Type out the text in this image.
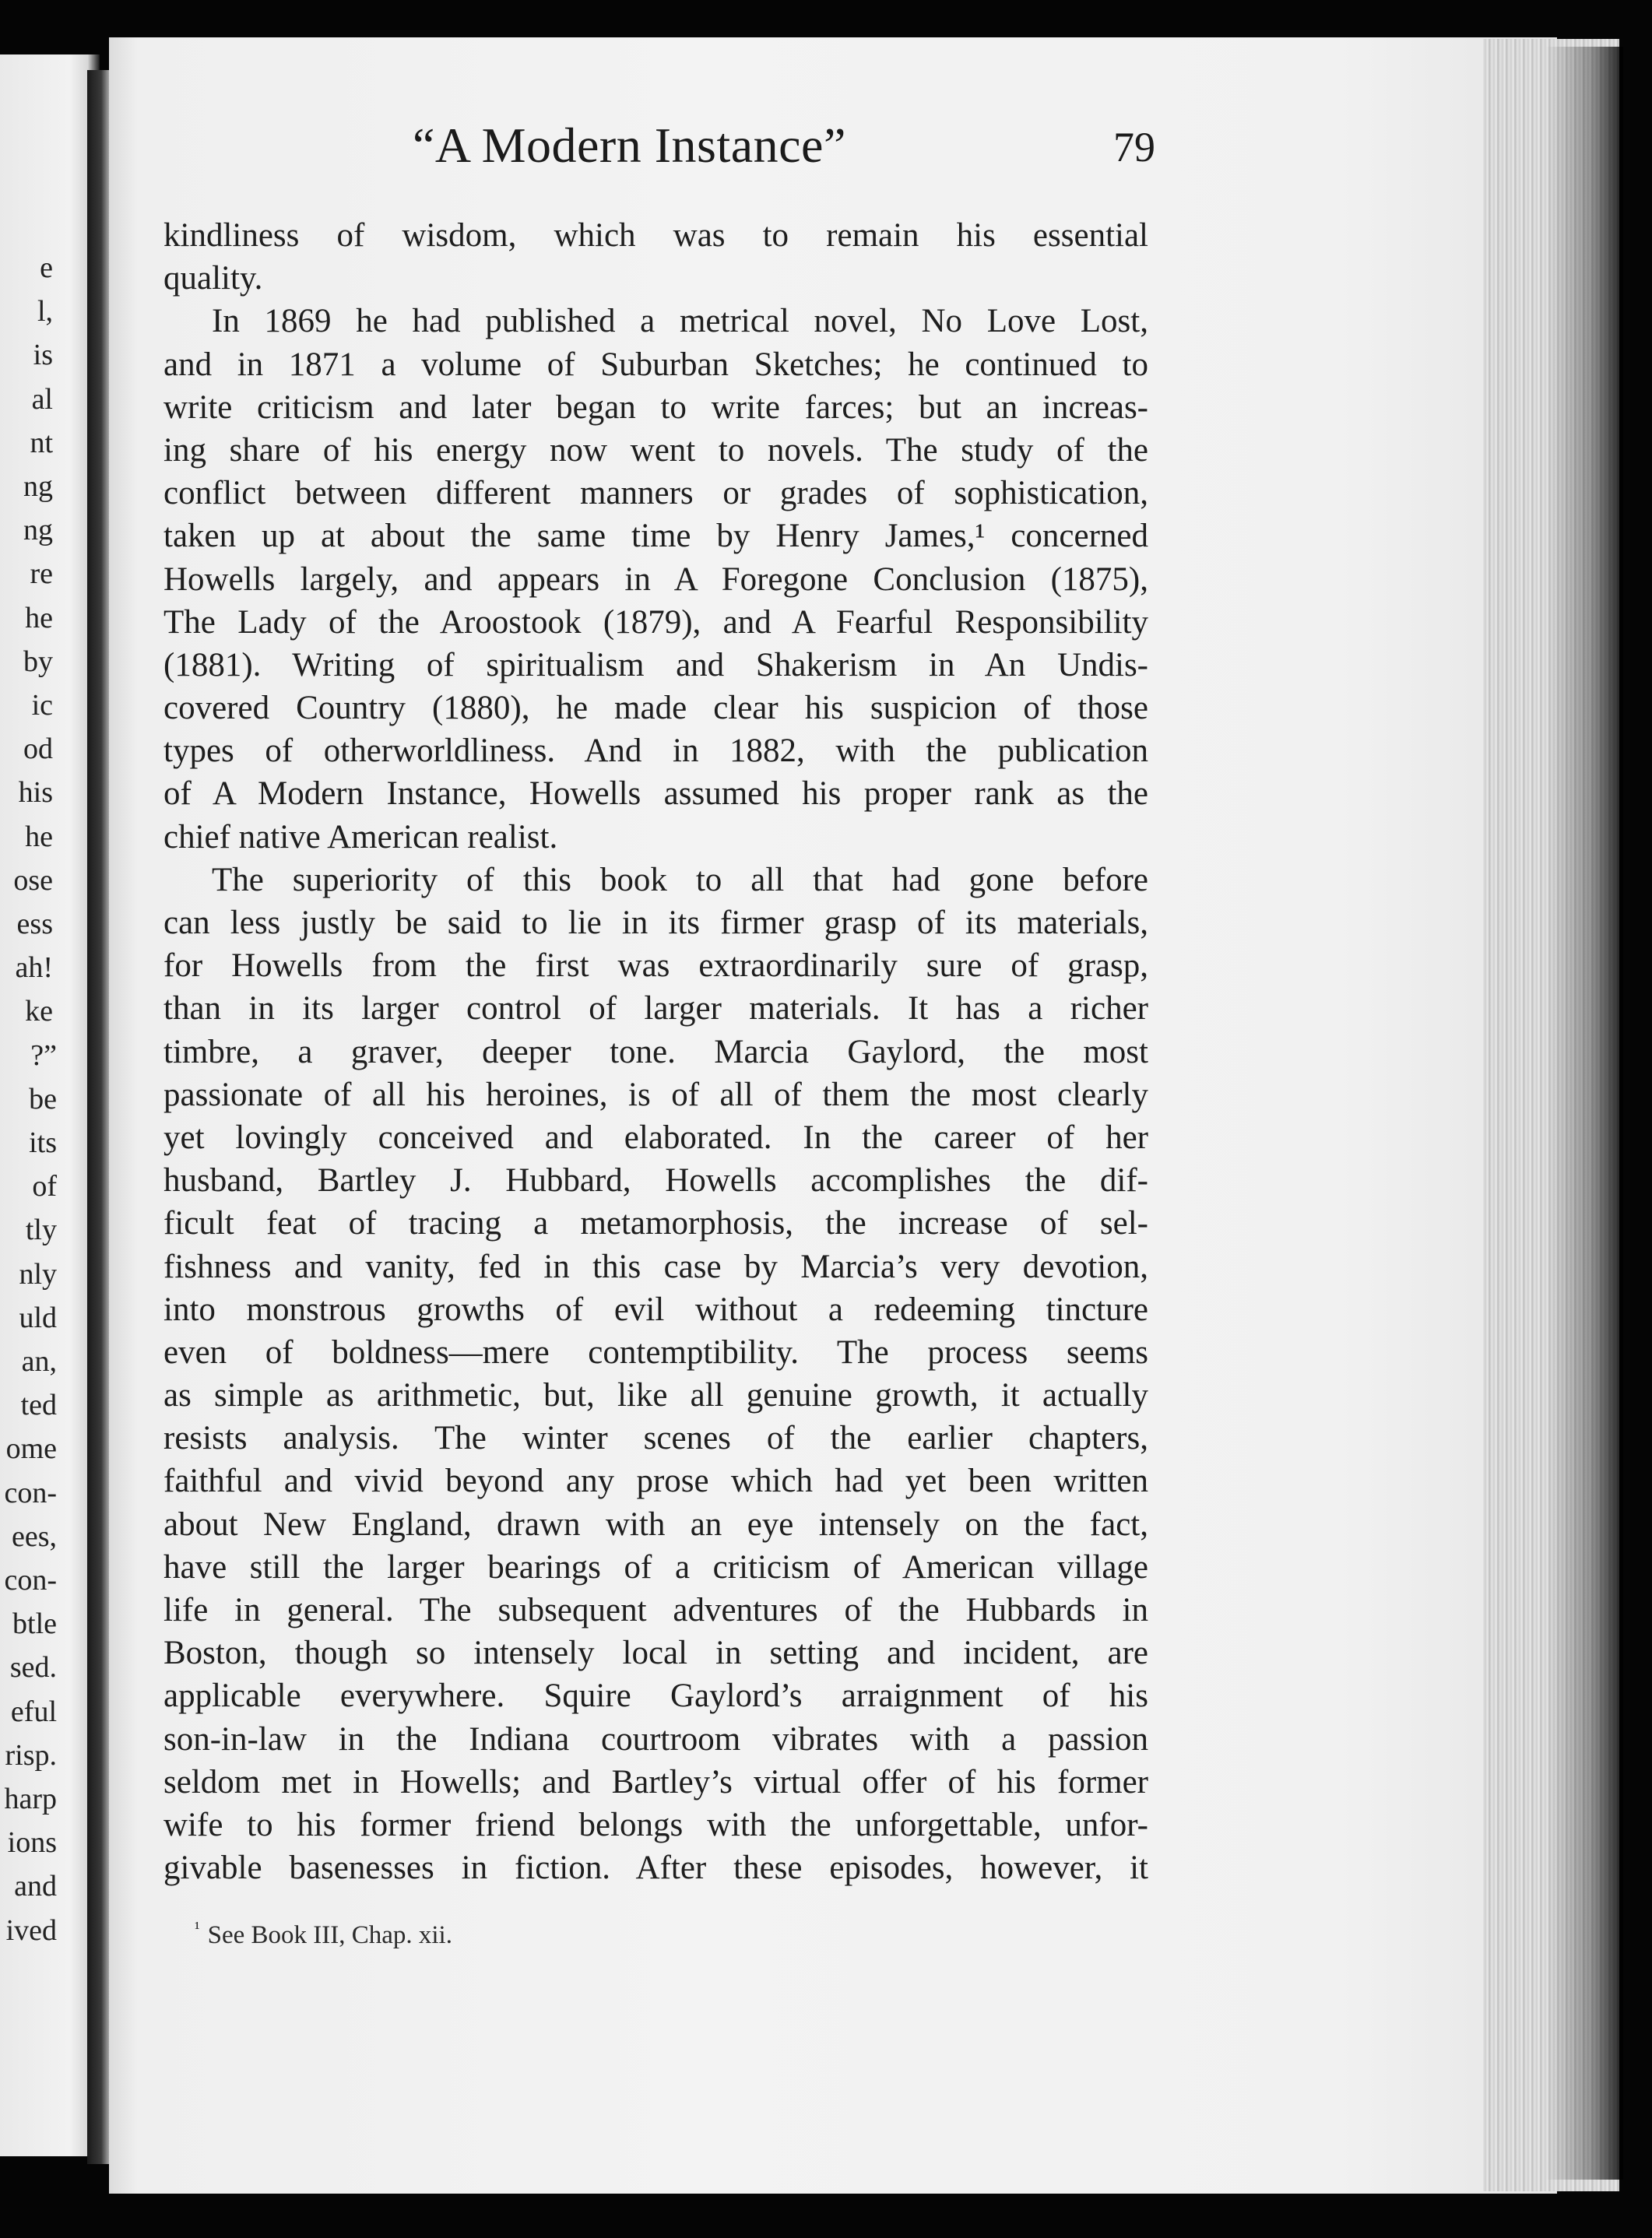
e
l,
is
al
nt
ng
ng
re
he
by
ic
od
his
he
ose
ess
ah!
ke
?”
be
its
of
tly
nly
uld
an,
ted
ome
con-
ees,
con-
btle
sed.
eful
risp.
harp
ions
and
ived
“A Modern Instance”	79
kindliness of wisdom, which was to remain his essential
quality.
In 1869 he had published a metrical novel, No Love Lost,
and in 1871 a volume of Suburban Sketches; he continued to
write criticism and later began to write farces; but an increas-
ing share of his energy now went to novels. The study of the
conflict between different manners or grades of sophistication,
taken up at about the same time by Henry James,¹ concerned
Howells largely, and appears in A Foregone Conclusion (1875),
The Lady of the Aroostook (1879), and A Fearful Responsibility
(1881). Writing of spiritualism and Shakerism in An Undis-
covered Country (1880), he made clear his suspicion of those
types of otherworldliness. And in 1882, with the publication
of A Modern Instance, Howells assumed his proper rank as the
chief native American realist.
The superiority of this book to all that had gone before
can less justly be said to lie in its firmer grasp of its materials,
for Howells from the first was extraordinarily sure of grasp,
than in its larger control of larger materials. It has a richer
timbre, a graver, deeper tone. Marcia Gaylord, the most
passionate of all his heroines, is of all of them the most clearly
yet lovingly conceived and elaborated. In the career of her
husband, Bartley J. Hubbard, Howells accomplishes the dif-
ficult feat of tracing a metamorphosis, the increase of sel-
fishness and vanity, fed in this case by Marcia’s very devotion,
into monstrous growths of evil without a redeeming tincture
even of boldness—mere contemptibility. The process seems
as simple as arithmetic, but, like all genuine growth, it actually
resists analysis. The winter scenes of the earlier chapters,
faithful and vivid beyond any prose which had yet been written
about New England, drawn with an eye intensely on the fact,
have still the larger bearings of a criticism of American village
life in general. The subsequent adventures of the Hubbards in
Boston, though so intensely local in setting and incident, are
applicable everywhere. Squire Gaylord’s arraignment of his
son-in-law in the Indiana courtroom vibrates with a passion
seldom met in Howells; and Bartley’s virtual offer of his former
wife to his former friend belongs with the unforgettable, unfor-
givable basenesses in fiction. After these episodes, however, it
$^{^1}$ See Book III, Chap. xii.
